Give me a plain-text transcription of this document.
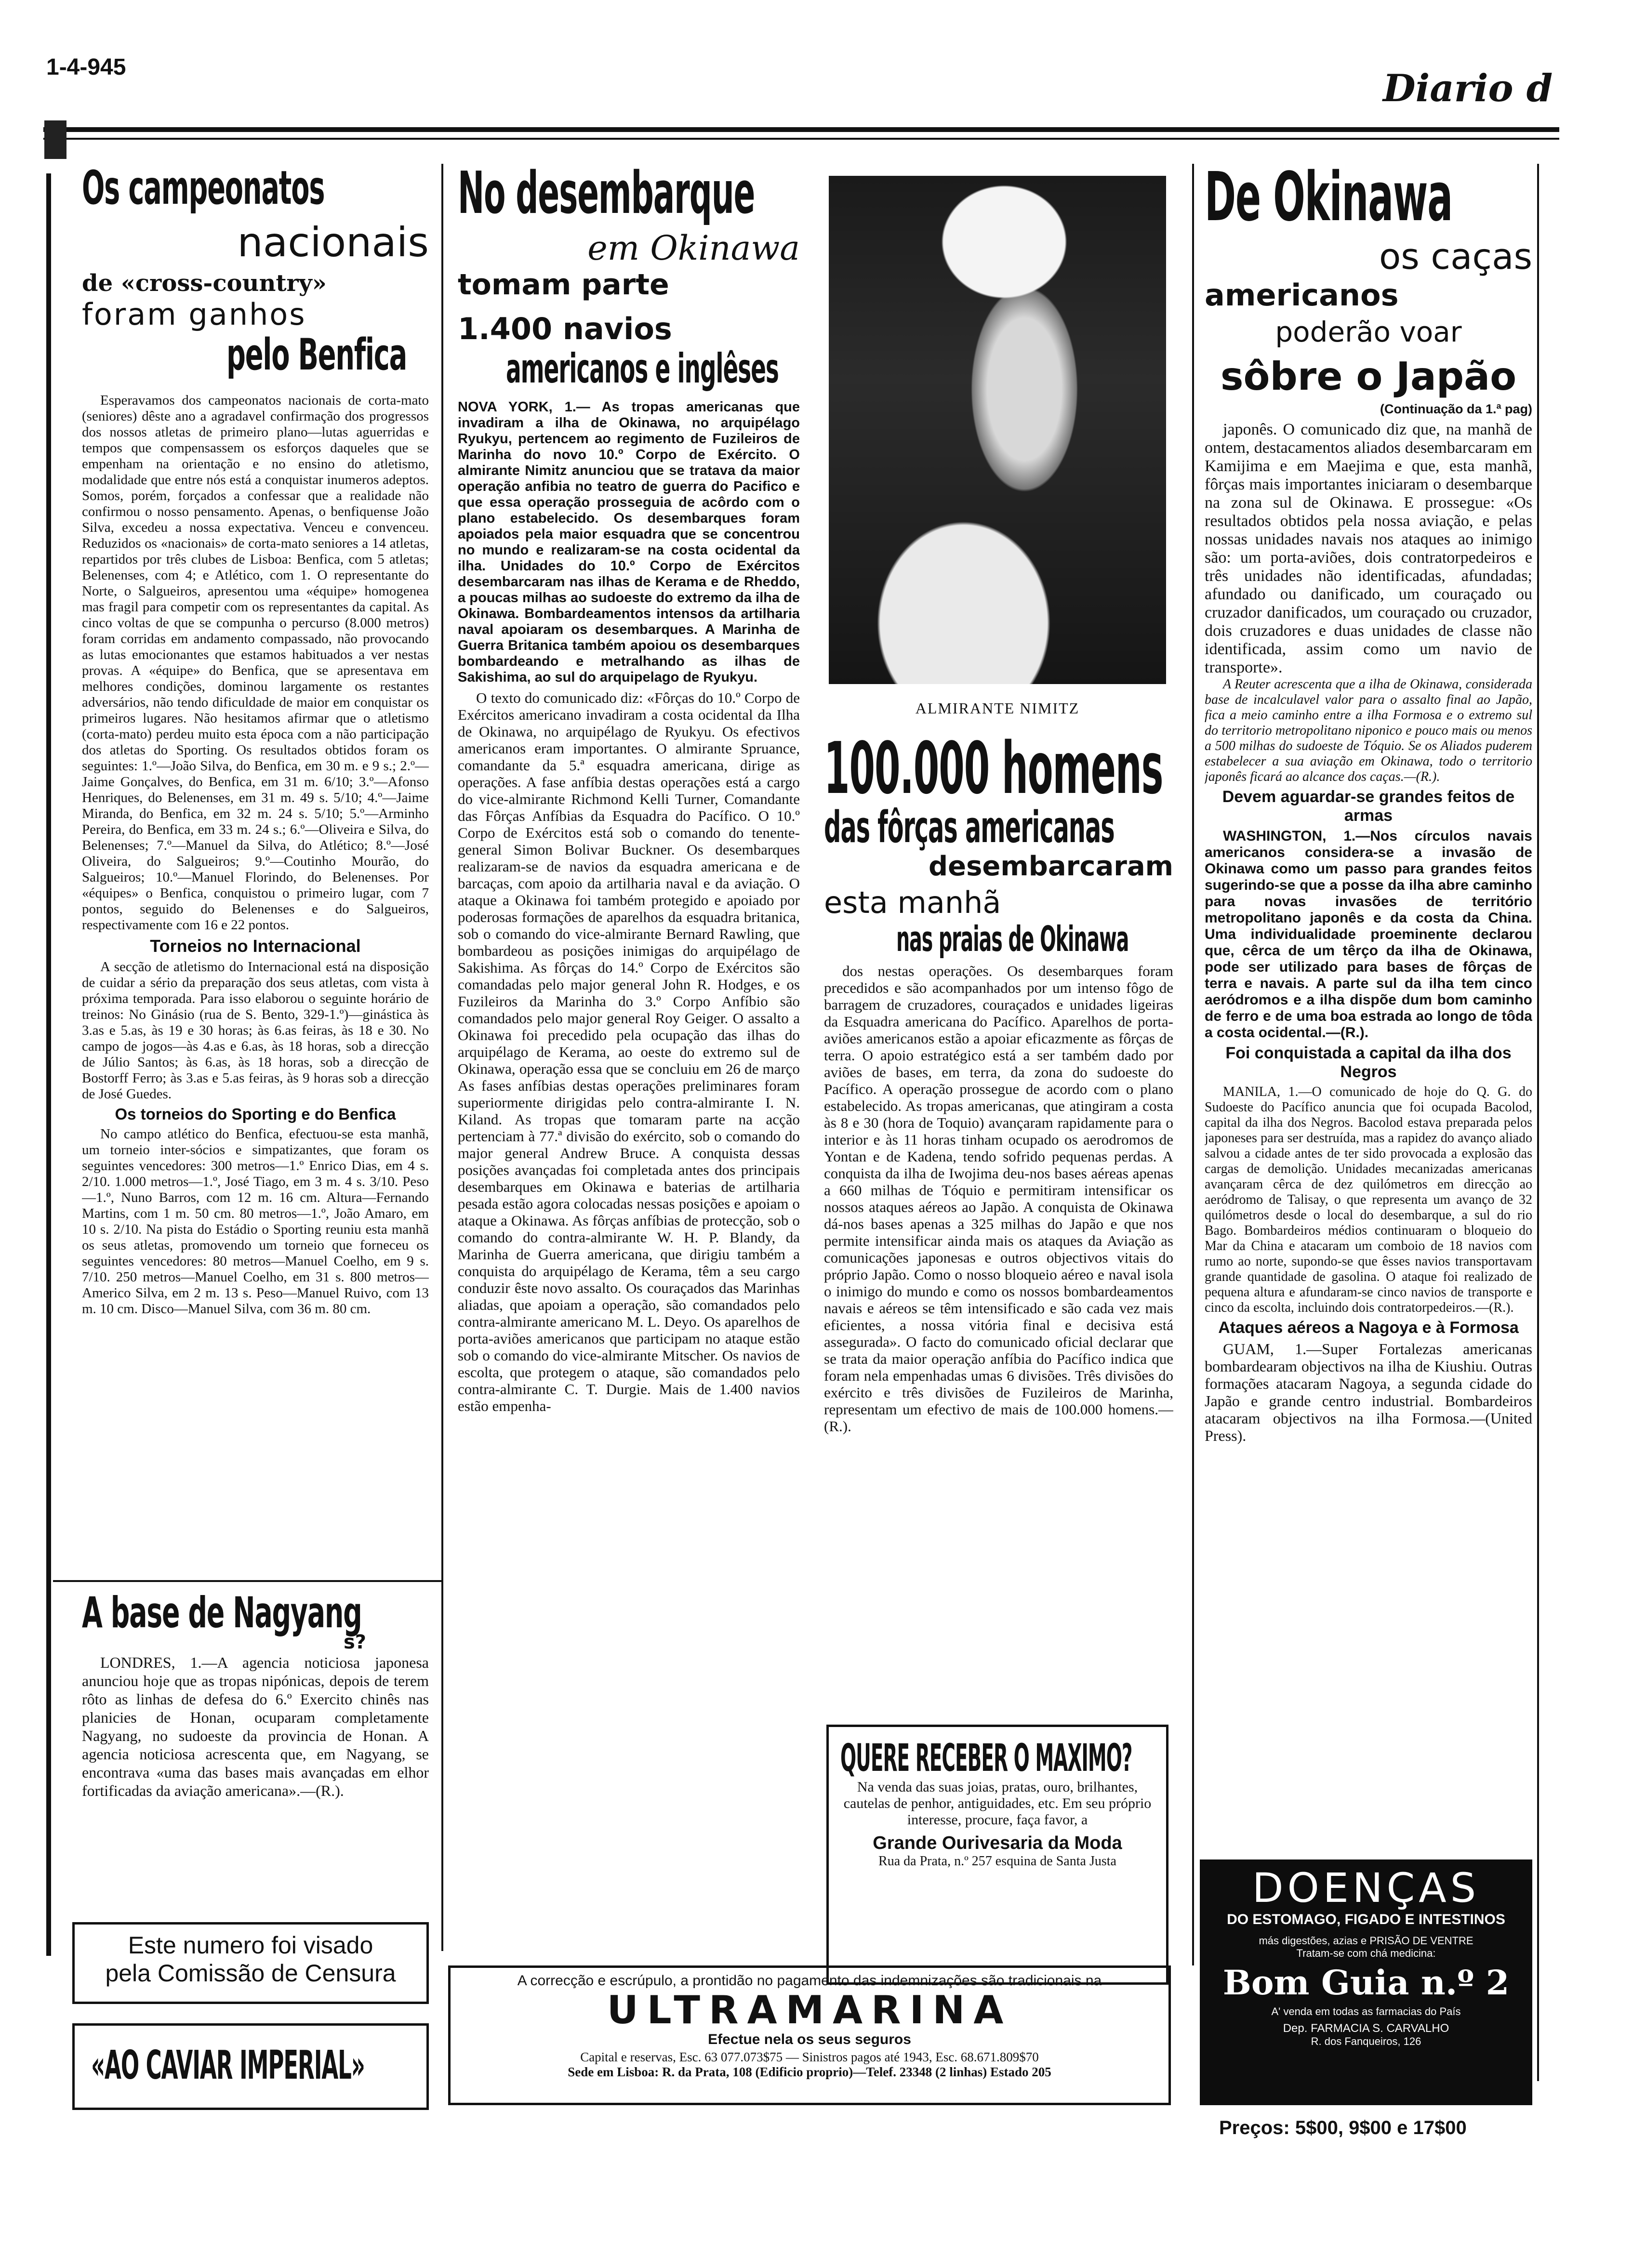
1-4-945	Diario d
Os campeonatos
nacionais
de «cross-country»
foram ganhos
pelo Benfica

Esperavamos dos campeonatos nacionais de corta-mato (seniores) dêste ano a agradavel confirmação dos progressos dos nossos atletas de primeiro plano—lutas aguerridas e tempos que compensassem os esforços daqueles que se empenham na orientação e no ensino do atletismo, modalidade que entre nós está a conquistar inumeros adeptos. Somos, porém, forçados a confessar que a realidade não confirmou o nosso pensamento. Apenas, o benfiquense João Silva, excedeu a nossa expectativa. Venceu e convenceu. Reduzidos os «nacionais» de corta-mato seniores a 14 atletas, repartidos por três clubes de Lisboa: Benfica, com 5 atletas; Belenenses, com 4; e Atlético, com 1. O representante do Norte, o Salgueiros, apresentou uma «équipe» homogenea mas fragil para competir com os representantes da capital. As cinco voltas de que se compunha o percurso (8.000 metros) foram corridas em andamento compassado, não provocando as lutas emocionantes que estamos habituados a ver nestas provas. A «équipe» do Benfica, que se apresentava em melhores condições, dominou largamente os restantes adversários, não tendo dificuldade de maior em conquistar os primeiros lugares. Não hesitamos afirmar que o atletismo (corta-mato) perdeu muito esta época com a não participação dos atletas do Sporting. Os resultados obtidos foram os seguintes: 1.º—João Silva, do Benfica, em 30 m. e 9 s.; 2.º—Jaime Gonçalves, do Benfica, em 31 m. 6/10; 3.º—Afonso Henriques, do Belenenses, em 31 m. 49 s. 5/10; 4.º—Jaime Miranda, do Benfica, em 32 m. 24 s. 5/10; 5.º—Arminho Pereira, do Benfica, em 33 m. 24 s.; 6.º—Oliveira e Silva, do Belenenses; 7.º—Manuel da Silva, do Atlético; 8.º—José Oliveira, do Salgueiros; 9.º—Coutinho Mourão, do Salgueiros; 10.º—Manuel Florindo, do Belenenses. Por «équipes» o Benfica, conquistou o primeiro lugar, com 7 pontos, seguido do Belenenses e do Salgueiros, respectivamente com 16 e 22 pontos.

Torneios no Internacional

A secção de atletismo do Internacional está na disposição de cuidar a sério da preparação dos seus atletas, com vista à próxima temporada. Para isso elaborou o seguinte horário de treinos: No Ginásio (rua de S. Bento, 329-1.º)—ginástica às 3.as e 5.as, às 19 e 30 horas; às 6.as feiras, às 18 e 30. No campo de jogos—às 4.as e 6.as, às 18 horas, sob a direcção de Júlio Santos; às 6.as, às 18 horas, sob a direcção de Bostorff Ferro; às 3.as e 5.as feiras, às 9 horas sob a direcção de José Guedes.

Os torneios do Sporting e do Benfica

No campo atlético do Benfica, efectuou-se esta manhã, um torneio inter-sócios e simpatizantes, que foram os seguintes vencedores: 300 metros—1.º Enrico Dias, em 4 s. 2/10. 1.000 metros—1.º, José Tiago, em 3 m. 4 s. 3/10. Peso—1.º, Nuno Barros, com 12 m. 16 cm. Altura—Fernando Martins, com 1 m. 50 cm. 80 metros—1.º, João Amaro, em 10 s. 2/10. Na pista do Estádio o Sporting reuniu esta manhã os seus atletas, promovendo um torneio que forneceu os seguintes vencedores: 80 metros—Manuel Coelho, em 9 s. 7/10. 250 metros—Manuel Coelho, em 31 s. 800 metros—Americo Silva, em 2 m. 13 s. Peso—Manuel Ruivo, com 13 m. 10 cm. Disco—Manuel Silva, com 36 m. 80 cm.

A base de Nagyang
s?

LONDRES, 1.—A agencia noticiosa japonesa anunciou hoje que as tropas nipónicas, depois de terem rôto as linhas de defesa do 6.º Exercito chinês nas planicies de Honan, ocuparam completamente Nagyang, no sudoeste da provincia de Honan. A agencia noticiosa acrescenta que, em Nagyang, se encontrava «uma das bases mais avançadas em elhor fortificadas da aviação americana».—(R.).

Este numero foi visado
pela Comissão de Censura
«AO CAVIAR IMPERIAL»
No desembarque
em Okinawa
tomam parte
1.400 navios
americanos e inglêses

NOVA YORK, 1.— As tropas americanas que invadiram a ilha de Okinawa, no arquipélago Ryukyu, pertencem ao regimento de Fuzileiros de Marinha do novo 10.º Corpo de Exército. O almirante Nimitz anunciou que se tratava da maior operação anfibia no teatro de guerra do Pacifico e que essa operação prosseguia de acôrdo com o plano estabelecido. Os desembarques foram apoiados pela maior esquadra que se concentrou no mundo e realizaram-se na costa ocidental da ilha. Unidades do 10.º Corpo de Exércitos desembarcaram nas ilhas de Kerama e de Rheddo, a poucas milhas ao sudoeste do extremo da ilha de Okinawa. Bombardeamentos intensos da artilharia naval apoiaram os desembarques. A Marinha de Guerra Britanica também apoiou os desembarques bombardeando e metralhando as ilhas de Sakishima, ao sul do arquipelago de Ryukyu.

O texto do comunicado diz: «Fôrças do 10.º Corpo de Exércitos americano invadiram a costa ocidental da Ilha de Okinawa, no arquipélago de Ryukyu. Os efectivos americanos eram importantes. O almirante Spruance, comandante da 5.ª esquadra americana, dirige as operações. A fase anfíbia destas operações está a cargo do vice-almirante Richmond Kelli Turner, Comandante das Fôrças Anfíbias da Esquadra do Pacífico. O 10.º Corpo de Exércitos está sob o comando do tenente-general Simon Bolivar Buckner. Os desembarques realizaram-se de navios da esquadra americana e de barcaças, com apoio da artilharia naval e da aviação. O ataque a Okinawa foi também protegido e apoiado por poderosas formações de aparelhos da esquadra britanica, sob o comando do vice-almirante Bernard Rawling, que bombardeou as posições inimigas do arquipélago de Sakishima. As fôrças do 14.º Corpo de Exércitos são comandadas pelo major general John R. Hodges, e os Fuzileiros da Marinha do 3.º Corpo Anfíbio são comandados pelo major general Roy Geiger. O assalto a Okinawa foi precedido pela ocupação das ilhas do arquipélago de Kerama, ao oeste do extremo sul de Okinawa, operação essa que se concluiu em 26 de março As fases anfíbias destas operações preliminares foram superiormente dirigidas pelo contra-almirante I. N. Kiland. As tropas que tomaram parte na acção pertenciam à 77.ª divisão do exército, sob o comando do major general Andrew Bruce. A conquista dessas posições avançadas foi completada antes dos principais desembarques em Okinawa e baterias de artilharia pesada estão agora colocadas nessas posições e apoiam o ataque a Okinawa. As fôrças anfíbias de protecção, sob o comando do contra-almirante W. H. P. Blandy, da Marinha de Guerra americana, que dirigiu também a conquista do arquipélago de Kerama, têm a seu cargo conduzir êste novo assalto. Os couraçados das Marinhas aliadas, que apoiam a operação, são comandados pelo contra-almirante americano M. L. Deyo. Os aparelhos de porta-aviões americanos que participam no ataque estão sob o comando do vice-almirante Mitscher. Os navios de escolta, que protegem o ataque, são comandados pelo contra-almirante C. T. Durgie. Mais de 1.400 navios estão empenha-

ALMIRANTE NIMITZ
100.000 homens
das fôrças americanas
desembarcaram
esta manhã
nas praias de Okinawa

dos nestas operações. Os desembarques foram precedidos e são acompanhados por um intenso fôgo de barragem de cruzadores, couraçados e unidades ligeiras da Esquadra americana do Pacífico. Aparelhos de porta-aviões americanos estão a apoiar eficazmente as fôrças de terra. O apoio estratégico está a ser também dado por aviões de bases, em terra, da zona do sudoeste do Pacífico. A operação prossegue de acordo com o plano estabelecido. As tropas americanas, que atingiram a costa às 8 e 30 (hora de Toquio) avançaram rapidamente para o interior e às 11 horas tinham ocupado os aerodromos de Yontan e de Kadena, tendo sofrido pequenas perdas. A conquista da ilha de Iwojima deu-nos bases aéreas apenas a 660 milhas de Tóquio e permitiram intensificar os nossos ataques aéreos ao Japão. A conquista de Okinawa dá-nos bases apenas a 325 milhas do Japão e que nos permite intensificar ainda mais os ataques da Aviação as comunicações japonesas e outros objectivos vitais do próprio Japão. Como o nosso bloqueio aéreo e naval isola o inimigo do mundo e como os nossos bombardeamentos navais e aéreos se têm intensificado e são cada vez mais eficientes, a nossa vitória final e decisiva está assegurada». O facto do comunicado oficial declarar que se trata da maior operação anfíbia do Pacífico indica que foram nela empenhadas umas 6 divisões. Três divisões do exército e três divisões de Fuzileiros de Marinha, representam um efectivo de mais de 100.000 homens.—(R.).

QUERE RECEBER O MAXIMO?

Na venda das suas joias, pratas, ouro, brilhantes, cautelas de penhor, antiguidades, etc. Em seu próprio interesse, procure, faça favor, a

Grande Ourivesaria da Moda
Rua da Prata, n.º 257 esquina de Santa Justa
De Okinawa
os caças
americanos
poderão voar
sôbre o Japão
(Continuação da 1.ª pag)

japonês. O comunicado diz que, na manhã de ontem, destacamentos aliados desembarcaram em Kamijima e em Maejima e que, esta manhã, fôrças mais importantes iniciaram o desembarque na zona sul de Okinawa. E prossegue: «Os resultados obtidos pela nossa aviação, e pelas nossas unidades navais nos ataques ao inimigo são: um porta-aviões, dois contratorpedeiros e três unidades não identificadas, afundadas; afundado ou danificado, um couraçado ou cruzador danificados, um couraçado ou cruzador, dois cruzadores e duas unidades de classe não identificada, assim como um navio de transporte».

A Reuter acrescenta que a ilha de Okinawa, considerada base de incalculavel valor para o assalto final ao Japão, fica a meio caminho entre a ilha Formosa e o extremo sul do territorio metropolitano niponico e pouco mais ou menos a 500 milhas do sudoeste de Tóquio. Se os Aliados puderem estabelecer a sua aviação em Okinawa, todo o territorio japonês ficará ao alcance dos caças.—(R.).

Devem aguardar-se grandes feitos de armas

WASHINGTON, 1.—Nos círculos navais americanos considera-se a invasão de Okinawa como um passo para grandes feitos sugerindo-se que a posse da ilha abre caminho para novas invasões de território metropolitano japonês e da costa da China. Uma individualidade proeminente declarou que, cêrca de um têrço da ilha de Okinawa, pode ser utilizado para bases de fôrças de terra e navais. A parte sul da ilha tem cinco aeródromos e a ilha dispõe dum bom caminho de ferro e de uma boa estrada ao longo de tôda a costa ocidental.—(R.).

Foi conquistada a capital da ilha dos Negros

MANILA, 1.—O comunicado de hoje do Q. G. do Sudoeste do Pacífico anuncia que foi ocupada Bacolod, capital da ilha dos Negros. Bacolod estava preparada pelos japoneses para ser destruída, mas a rapidez do avanço aliado salvou a cidade antes de ter sido provocada a explosão das cargas de demolição. Unidades mecanizadas americanas avançaram cêrca de dez quilómetros em direcção ao aeródromo de Talisay, o que representa um avanço de 32 quilómetros desde o local do desembarque, a sul do rio Bago. Bombardeiros médios continuaram o bloqueio do Mar da China e atacaram um comboio de 18 navios com rumo ao norte, supondo-se que êsses navios transportavam grande quantidade de gasolina. O ataque foi realizado de pequena altura e afundaram-se cinco navios de transporte e cinco da escolta, incluindo dois contratorpedeiros.—(R.).

Ataques aéreos a Nagoya e à Formosa

GUAM, 1.—Super Fortalezas americanas bombardearam objectivos na ilha de Kiushiu. Outras formações atacaram Nagoya, a segunda cidade do Japão e grande centro industrial. Bombardeiros atacaram objectivos na ilha Formosa.—(United Press).

DOENÇAS
DO ESTOMAGO, FIGADO E INTESTINOS
más digestões, azias e PRISÃO DE VENTRE
Tratam-se com chá medicina:
Bom Guia n.º 2
A' venda em todas as farmacias do País
Dep. FARMACIA S. CARVALHO
R. dos Fanqueiros, 126
Preços: 5$00, 9$00 e 17$00
A correcção e escrúpulo, a prontidão no pagamento das indemnizações são tradicionais na
ULTRAMARINA
Efectue nela os seus seguros
Capital e reservas, Esc. 63 077.073$75 — Sinistros pagos até 1943, Esc. 68.671.809$70
Sede em Lisboa: R. da Prata, 108 (Edificio proprio)—Telef. 23348 (2 linhas) Estado 205
